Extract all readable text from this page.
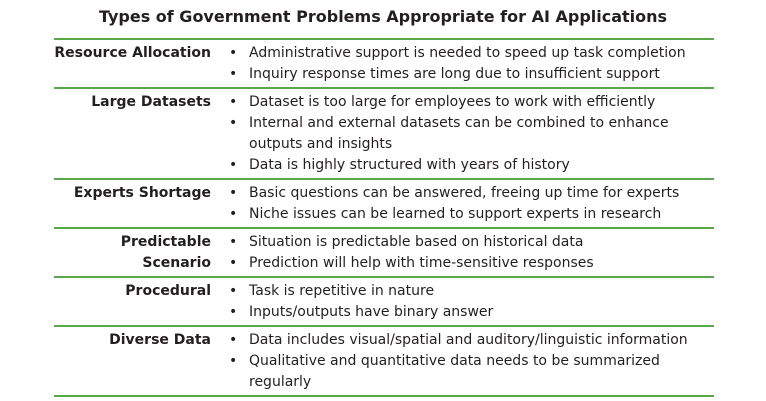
Types of Government Problems Appropriate for AI Applications
Resource Allocation	• Administrative support is needed to speed up task completion
• Inquiry response times are long due to insufficient support
Large Datasets	• Dataset is too large for employees to work with efficiently
• Internal and external datasets can be combined to enhance outputs and insights
• Data is highly structured with years of history
Experts Shortage	• Basic questions can be answered, freeing up time for experts
• Niche issues can be learned to support experts in research
Predictable Scenario
• Situation is predictable based on historical data
• Prediction will help with time-sensitive responses
Procedural	• Task is repetitive in nature
• Inputs/outputs have binary answer
Diverse Data	• Data includes visual/spatial and auditory/linguistic information
• Qualitative and quantitative data needs to be summarized regularly
